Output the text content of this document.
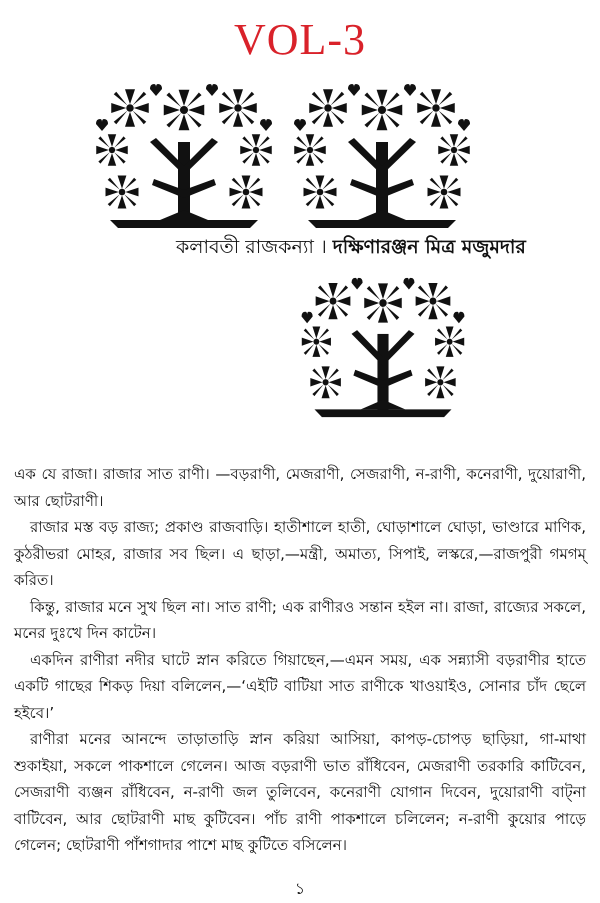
VOL-3
কলাবতী রাজকন্যা । দক্ষিণারঞ্জন মিত্র মজুমদার

এক যে রাজা। রাজার সাত রাণী। —বড়রাণী, মেজরাণী, সেজরাণী, ন-রাণী, কনেরাণী, দুয়োরাণী, আর ছোটরাণী।

রাজার মস্ত বড় রাজ্য; প্রকাণ্ড রাজবাড়ি। হাতীশালে হাতী, ঘোড়াশালে ঘোড়া, ভাণ্ডারে মাণিক, কুঠরীভরা মোহর, রাজার সব ছিল। এ ছাড়া,—মন্ত্রী, অমাত্য, সিপাই, লস্করে,—রাজপুরী গমগম্ করিত।

কিন্তু, রাজার মনে সুখ ছিল না। সাত রাণী; এক রাণীরও সন্তান হইল না। রাজা, রাজ্যের সকলে, মনের দুঃখে দিন কাটেন।

একদিন রাণীরা নদীর ঘাটে স্নান করিতে গিয়াছেন,—এমন সময়, এক সন্ন্যাসী বড়রাণীর হাতে একটি গাছের শিকড় দিয়া বলিলেন,—‘এইটি বাটিয়া সাত রাণীকে খাওয়াইও, সোনার চাঁদ ছেলে হইবে।’

রাণীরা মনের আনন্দে তাড়াতাড়ি স্নান করিয়া আসিয়া, কাপড়-চোপড় ছাড়িয়া, গা-মাথা শুকাইয়া, সকলে পাকশালে গেলেন। আজ বড়রাণী ভাত রাঁধিবেন, মেজরাণী তরকারি কাটিবেন, সেজরাণী ব্যঞ্জন রাঁধিবেন, ন-রাণী জল তুলিবেন, কনেরাণী যোগান দিবেন, দুয়োরাণী বাট্না বাটিবেন, আর ছোটরাণী মাছ কুটিবেন। পাঁচ রাণী পাকশালে চলিলেন; ন-রাণী কুয়োর পাড়ে গেলেন; ছোটরাণী পাঁশগাদার পাশে মাছ কুটিতে বসিলেন।

১
